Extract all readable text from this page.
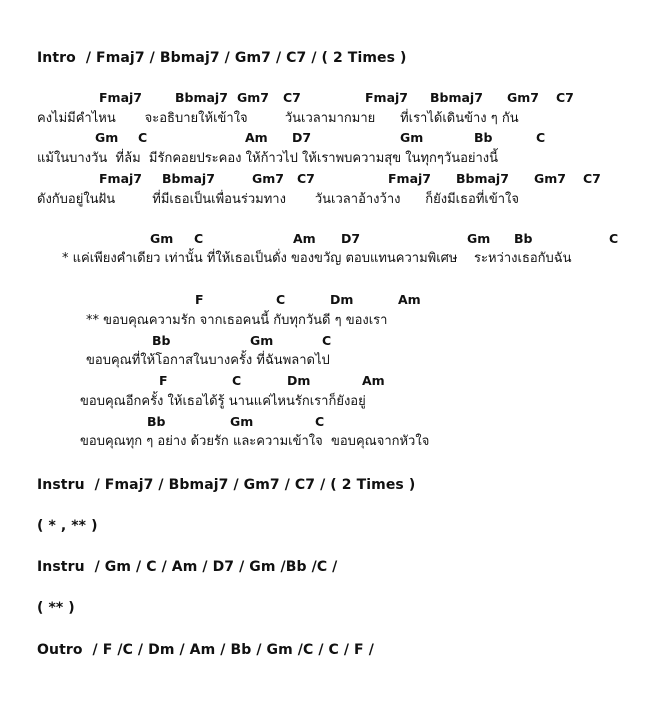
Intro  / Fmaj7 / Bbmaj7 / Gm7 / C7 / ( 2 Times )
Fmaj7	Bbmaj7 Gm7 C7	Fmaj7 Bbmaj7 Gm7 C7
คงไม่มีคำไหน       จะอธิบายให้เข้าใจ         วันเวลามากมาย      ที่เราได้เดินข้าง ๆ กัน
Gm C	Am D7	Gm	Bb	C
แม้ในบางวัน  ที่ล้ม  มีรักคอยประคอง ให้ก้าวไป ให้เราพบความสุข ในทุกๆวันอย่างนี้
Fmaj7 Bbmaj7	Gm7 C7	Fmaj7 Bbmaj7 Gm7 C7
ดังกับอยู่ในฝัน         ที่มีเธอเป็นเพื่อนร่วมทาง       วันเวลาอ้างว้าง      ก็ยังมีเธอที่เข้าใจ
Gm C	Am D7	Gm Bb	C
* แค่เพียงคำเดียว เท่านั้น ที่ให้เธอเป็นดั่ง ของขวัญ ตอบแทนความพิเศษ    ระหว่างเธอกับฉัน
F	C	Dm	Am
** ขอบคุณความรัก จากเธอคนนี้ กับทุกวันดี ๆ ของเรา
Bb	Gm	C
ขอบคุณที่ให้โอกาสในบางครั้ง ที่ฉันพลาดไป
F	C	Dm	Am
ขอบคุณอีกครั้ง ให้เธอได้รู้ นานแค่ไหนรักเราก็ยังอยู่
Bb	Gm	C
ขอบคุณทุก ๆ อย่าง ด้วยรัก และความเข้าใจ  ขอบคุณจากหัวใจ
Instru  / Fmaj7 / Bbmaj7 / Gm7 / C7 / ( 2 Times )
( * , ** )
Instru  / Gm / C / Am / D7 / Gm /Bb /C /
( ** )
Outro  / F /C / Dm / Am / Bb / Gm /C / C / F /
